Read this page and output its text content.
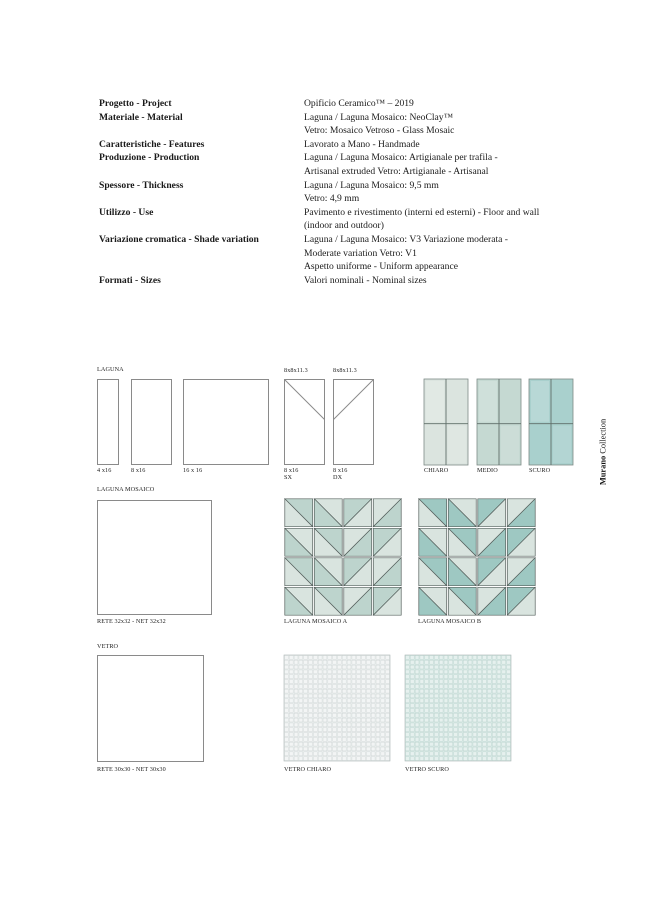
Progetto - Project	Opificio Ceramico™ – 2019
Materiale - Material	Laguna / Laguna Mosaico: NeoClay™
Vetro: Mosaico Vetroso - Glass Mosaic
Caratteristiche - Features	Lavorato a Mano - Handmade
Produzione - Production	Laguna / Laguna Mosaico: Artigianale per trafila -
Artisanal extruded Vetro: Artigianale - Artisanal
Spessore - Thickness	Laguna / Laguna Mosaico: 9,5 mm
Vetro: 4,9 mm
Utilizzo - Use	Pavimento e rivestimento (interni ed esterni) - Floor and wall
(indoor and outdoor)
Variazione cromatica - Shade variation	Laguna / Laguna Mosaico: V3 Variazione moderata -
Moderate variation Vetro: V1
Aspetto uniforme - Uniform appearance
Formati - Sizes	Valori nominali - Nominal sizes
LAGUNA	8x8x11.3	8x8x11.3
4 x16	8 x16	16 x 16	8 x16
SX
8 x16
DX
CHIARO	MEDIO	SCURO
LAGUNA MOSAICO
RETE 32x32 - NET 32x32	LAGUNA MOSAICO A	LAGUNA MOSAICO B
VETRO
RETE 30x30 - NET 30x30	VETRO CHIARO	VETRO SCURO
Murano Collection
